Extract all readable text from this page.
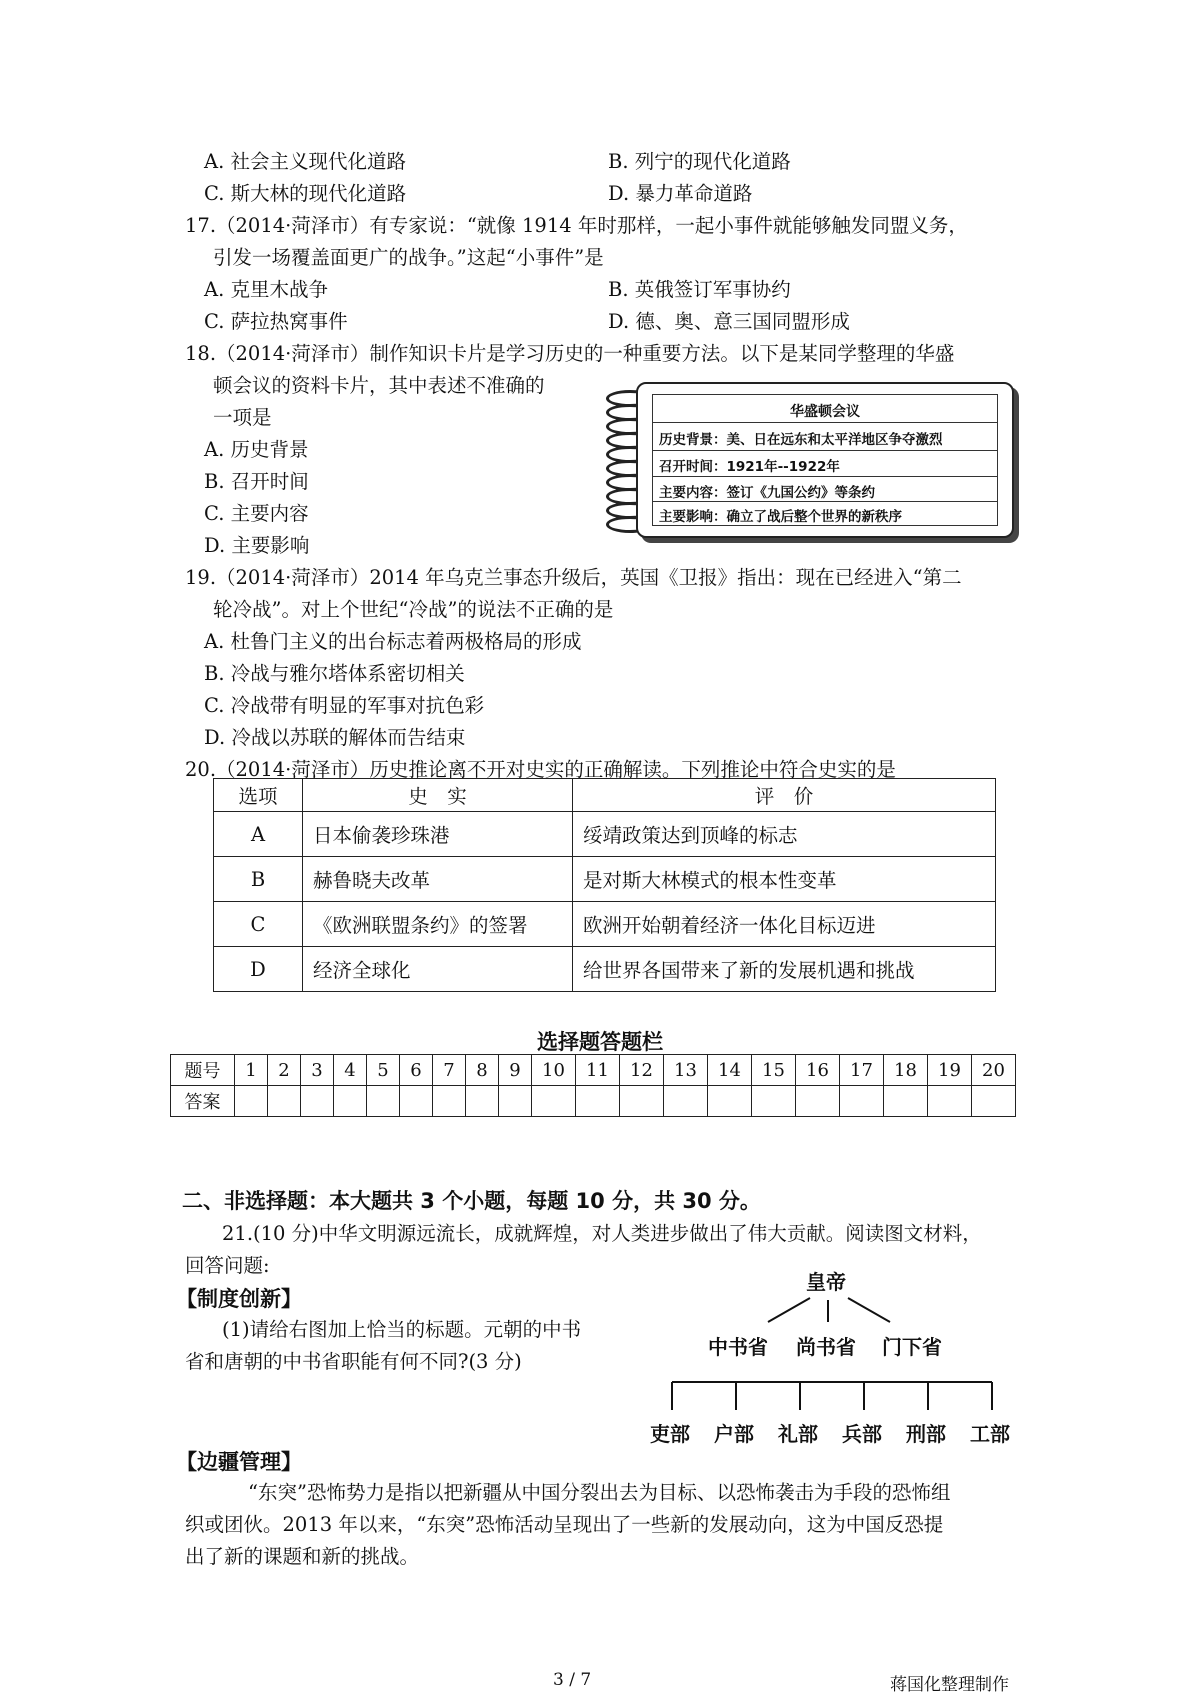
A. 社会主义现代化道路	B. 列宁的现代化道路
C. 斯大林的现代化道路	D. 暴力革命道路
17.（2014·菏泽市）有专家说：“就像 1914 年时那样，一起小事件就能够触发同盟义务，
引发一场覆盖面更广的战争。”这起“小事件”是
A. 克里木战争	B. 英俄签订军事协约
C. 萨拉热窝事件	D. 德、奥、意三国同盟形成
18.（2014·菏泽市）制作知识卡片是学习历史的一种重要方法。以下是某同学整理的华盛
顿会议的资料卡片，其中表述不准确的
一项是
A. 历史背景
B. 召开时间
C. 主要内容
D. 主要影响
华盛顿会议
历史背景：美、日在远东和太平洋地区争夺激烈
召开时间：1921年--1922年
主要内容：签订《九国公约》等条约
主要影响：确立了战后整个世界的新秩序
19.（2014·菏泽市）2014 年乌克兰事态升级后，英国《卫报》指出：现在已经进入“第二
轮冷战”。对上个世纪“冷战”的说法不正确的是
A. 杜鲁门主义的出台标志着两极格局的形成
B. 冷战与雅尔塔体系密切相关
C. 冷战带有明显的军事对抗色彩
D. 冷战以苏联的解体而告结束
20.（2014·菏泽市）历史推论离不开对史实的正确解读。下列推论中符合史实的是
选项	史　实	评　价
A	日本偷袭珍珠港	绥靖政策达到顶峰的标志
B	赫鲁晓夫改革	是对斯大林模式的根本性变革
C	《欧洲联盟条约》的签署	欧洲开始朝着经济一体化目标迈进
D	经济全球化	给世界各国带来了新的发展机遇和挑战
选择题答题栏
题号	1	2	3	4	5	6	7	8	9	10	11	12	13	14	15	16	17	18	19	20
答案																				
二、非选择题：本大题共 3 个小题，每题 10 分，共 30 分。
21.(10 分)中华文明源远流长，成就辉煌，对人类进步做出了伟大贡献。阅读图文材料，
回答问题:
【制度创新】
(1)请给右图加上恰当的标题。元朝的中书
省和唐朝的中书省职能有何不同?(3 分)
【边疆管理】
“东突”恐怖势力是指以把新疆从中国分裂出去为目标、以恐怖袭击为手段的恐怖组
织或团伙。2013 年以来，“东突”恐怖活动呈现出了一些新的发展动向，这为中国反恐提
出了新的课题和新的挑战。
皇帝
中书省 尚书省 门下省
吏部 户部 礼部 兵部 刑部 工部
3 / 7	蒋国化整理制作
